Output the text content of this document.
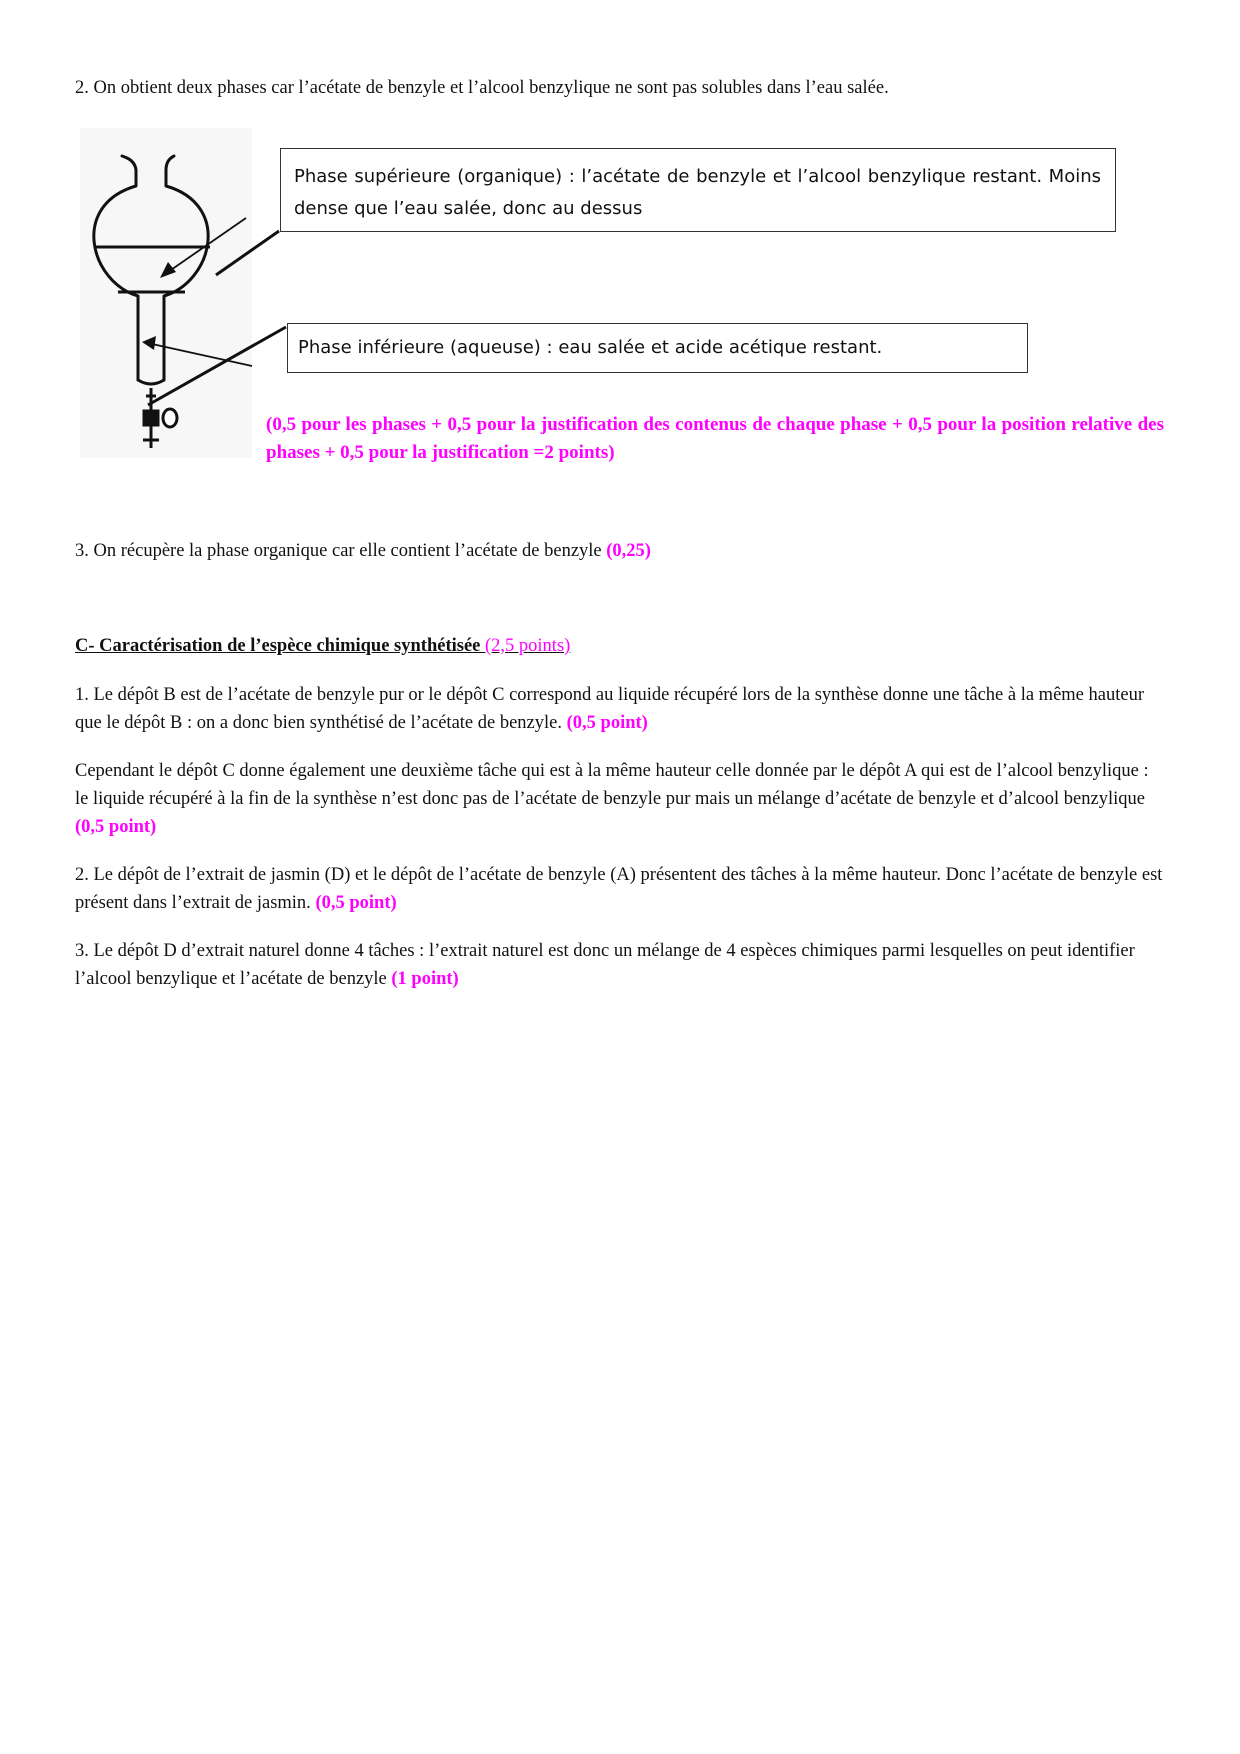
2. On obtient deux phases car l’acétate de benzyle et l’alcool benzylique ne sont pas solubles dans l’eau salée.
Phase supérieure (organique) : l’acétate de benzyle et l’alcool benzylique restant. Moins dense que l’eau salée, donc au dessus
Phase inférieure (aqueuse) : eau salée et acide acétique restant.
(0,5 pour les phases + 0,5 pour la justification des contenus de chaque phase + 0,5 pour la position relative des phases + 0,5 pour la justification =2 points)
3. On récupère la phase organique car elle contient l’acétate de benzyle (0,25)
C- Caractérisation de l’espèce chimique synthétisée (2,5 points)
1. Le dépôt B est de l’acétate de benzyle pur or le dépôt C correspond au liquide récupéré lors de la synthèse donne une tâche à la même hauteur que le dépôt B : on a donc bien synthétisé de l’acétate de benzyle. (0,5 point)
Cependant le dépôt C donne également une deuxième tâche qui est à la même hauteur celle donnée par le dépôt A qui est de l’alcool benzylique : le liquide récupéré à la fin de la synthèse n’est donc pas de l’acétate de benzyle pur mais un mélange d’acétate de benzyle et d’alcool benzylique (0,5 point)
2. Le dépôt de l’extrait de jasmin (D) et le dépôt de l’acétate de benzyle (A) présentent des tâches à la même hauteur. Donc l’acétate de benzyle est présent dans l’extrait de jasmin. (0,5 point)
3. Le dépôt D d’extrait naturel donne 4 tâches : l’extrait naturel est donc un mélange de 4 espèces chimiques parmi lesquelles on peut identifier l’alcool benzylique et l’acétate de benzyle (1 point)
